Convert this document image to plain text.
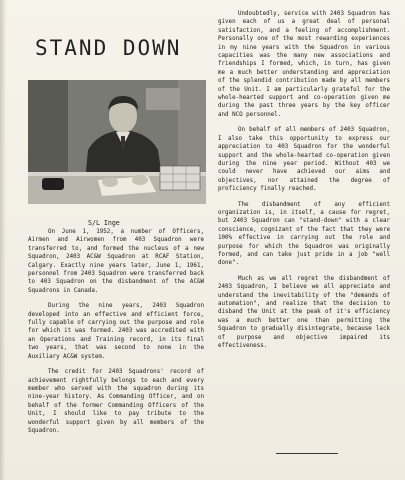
STAND DOWN
S/L Inge

On June 1, 1952, a number of Officers, Airmen and Airwomen from 403 Squadron were transferred to, and formed the nucleus of a new Squadron, 2403 AC&W Squadron at RCAF Station, Calgary. Exactly nine years later, June 1, 1961, personnel from 2403 Squadron were transferred back to 403 Squadron on the disbandment of the AC&W Squadrons in Canada.

During the nine years, 2403 Squadron developed into an effective and efficient force, fully capable of carrying out the purpose and role for which it was formed. 2403 was accredited with an Operations and Training record, in its final two years, that was second to none in the Auxiliary AC&W system.

The credit for 2403 Squadrons' record of achievement rightfully belongs to each and every member who served with the squadron during its nine-year history. As Commanding Officer, and on behalf of the former Commanding Officers of the Unit, I should like to pay tribute to the wonderful support given by all members of the Squadron.

Undoubtedly, service with 2403 Squadron has given each of us a great deal of personal satisfaction, and a feeling of accomplishment. Personally one of the most rewarding experiences in my nine years with the Squadron in various capacities was the many new associations and friendships I formed, which, in turn, has given me a much better understanding and appreciation of the splendid contribution made by all members of the Unit. I am particularly grateful for the whole-hearted support and co-operation given me during the past three years by the key officer and NCO personnel.

On behalf of all members of 2403 Squadron, I also take this opportunity to express our appreciation to 403 Squadron for the wonderful support and the whole-hearted co-operation given during the nine year period. Without 403 we could never have achieved our aims and objectives, nor attained the degree of proficiency finally reached.

The disbandment of any efficient organization is, in itself, a cause for regret, but 2403 Squadron can "stand-down" with a clear conscience, cognizant of the fact that they were 100% effective in carrying out the role and purpose for which the Squadron was originally formed, and can take just pride in a job "well done".

Much as we all regret the disbandment of 2403 Squadron, I believe we all appreciate and understand the inevitability of the "demands of automation", and realize that the decision to disband the Unit at the peak of it's efficiency was a much better one than permitting the Squadron to gradually disintegrate, because lack of purpose and objective impaired its effectiveness.
